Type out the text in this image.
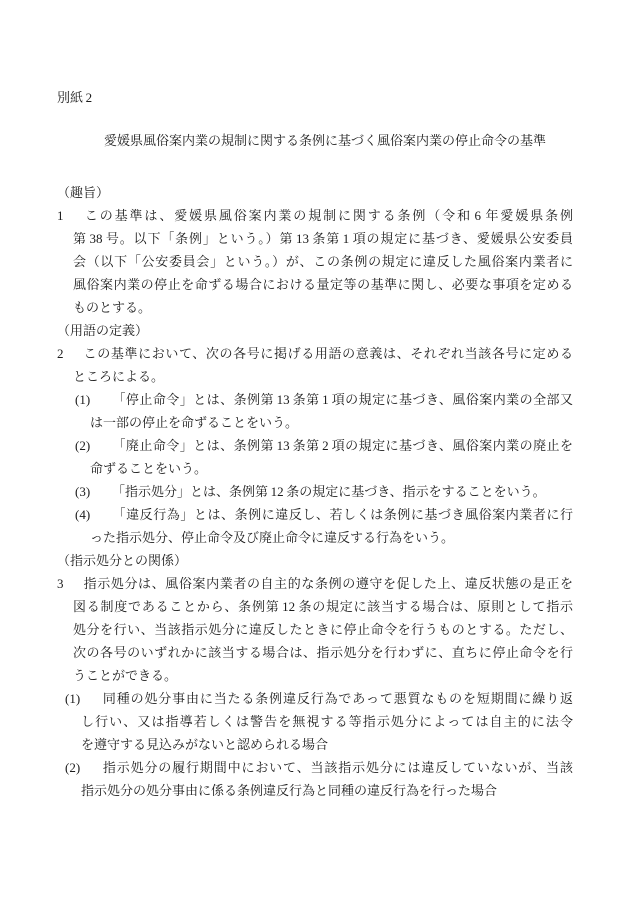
別紙 2
愛媛県風俗案内業の規制に関する条例に基づく風俗案内業の停止命令の基準
（趣旨）
1 この基準は、愛媛県風俗案内業の規制に関する条例（令和 6 年愛媛県条例
第 38 号。以下「条例」という。）第 13 条第 1 項の規定に基づき、愛媛県公安委員
会（以下「公安委員会」という。）が、この条例の規定に違反した風俗案内業者に
風俗案内業の停止を命ずる場合における量定等の基準に関し、必要な事項を定める
ものとする。
（用語の定義）
2 この基準において、次の各号に掲げる用語の意義は、それぞれ当該各号に定める
ところによる。
(1) 「停止命令」とは、条例第 13 条第 1 項の規定に基づき、風俗案内業の全部又
は一部の停止を命ずることをいう。
(2) 「廃止命令」とは、条例第 13 条第 2 項の規定に基づき、風俗案内業の廃止を
命ずることをいう。
(3) 「指示処分」とは、条例第 12 条の規定に基づき、指示をすることをいう。
(4) 「違反行為」とは、条例に違反し、若しくは条例に基づき風俗案内業者に行
った指示処分、停止命令及び廃止命令に違反する行為をいう。
（指示処分との関係）
3 指示処分は、風俗案内業者の自主的な条例の遵守を促した上、違反状態の是正を
図る制度であることから、条例第 12 条の規定に該当する場合は、原則として指示
処分を行い、当該指示処分に違反したときに停止命令を行うものとする。ただし、
次の各号のいずれかに該当する場合は、指示処分を行わずに、直ちに停止命令を行
うことができる。
(1) 同種の処分事由に当たる条例違反行為であって悪質なものを短期間に繰り返
し行い、又は指導若しくは警告を無視する等指示処分によっては自主的に法令
を遵守する見込みがないと認められる場合
(2) 指示処分の履行期間中において、当該指示処分には違反していないが、当該
指示処分の処分事由に係る条例違反行為と同種の違反行為を行った場合
